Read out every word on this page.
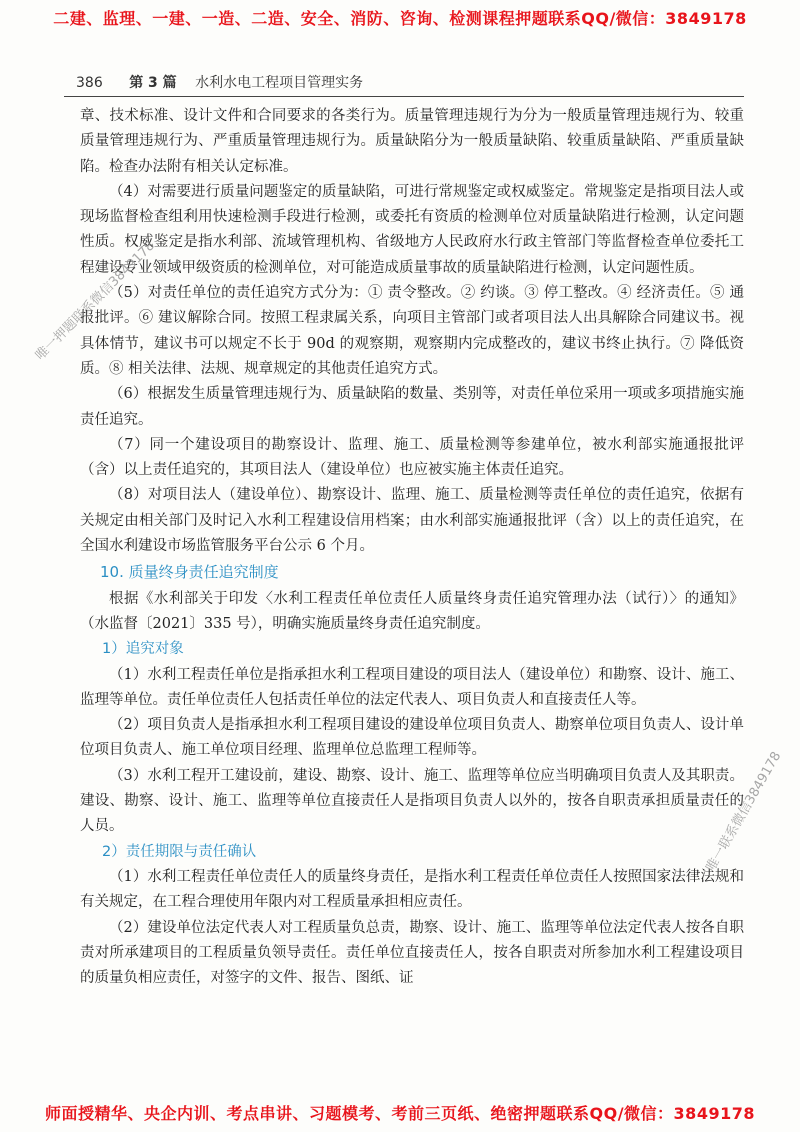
二建、监理、一建、一造、二造、安全、消防、咨询、检测课程押题联系QQ/微信：3849178
386 第 3 篇 水利水电工程项目管理实务

章、技术标准、设计文件和合同要求的各类行为。质量管理违规行为分为一般质量管理违规行为、较重质量管理违规行为、严重质量管理违规行为。质量缺陷分为一般质量缺陷、较重质量缺陷、严重质量缺陷。检查办法附有相关认定标准。

（4）对需要进行质量问题鉴定的质量缺陷，可进行常规鉴定或权威鉴定。常规鉴定是指项目法人或现场监督检查组利用快速检测手段进行检测，或委托有资质的检测单位对质量缺陷进行检测，认定问题性质。权威鉴定是指水利部、流域管理机构、省级地方人民政府水行政主管部门等监督检查单位委托工程建设专业领域甲级资质的检测单位，对可能造成质量事故的质量缺陷进行检测，认定问题性质。

（5）对责任单位的责任追究方式分为：① 责令整改。② 约谈。③ 停工整改。④ 经济责任。⑤ 通报批评。⑥ 建议解除合同。按照工程隶属关系，向项目主管部门或者项目法人出具解除合同建议书。视具体情节，建议书可以规定不长于 90d 的观察期，观察期内完成整改的，建议书终止执行。⑦ 降低资质。⑧ 相关法律、法规、规章规定的其他责任追究方式。

（6）根据发生质量管理违规行为、质量缺陷的数量、类别等，对责任单位采用一项或多项措施实施责任追究。

（7）同一个建设项目的勘察设计、监理、施工、质量检测等参建单位，被水利部实施通报批评（含）以上责任追究的，其项目法人（建设单位）也应被实施主体责任追究。

（8）对项目法人（建设单位）、勘察设计、监理、施工、质量检测等责任单位的责任追究，依据有关规定由相关部门及时记入水利工程建设信用档案；由水利部实施通报批评（含）以上的责任追究，在全国水利建设市场监管服务平台公示 6 个月。

10. 质量终身责任追究制度

根据《水利部关于印发〈水利工程责任单位责任人质量终身责任追究管理办法（试行）〉的通知》（水监督〔2021〕335 号），明确实施质量终身责任追究制度。

1）追究对象

（1）水利工程责任单位是指承担水利工程项目建设的项目法人（建设单位）和勘察、设计、施工、监理等单位。责任单位责任人包括责任单位的法定代表人、项目负责人和直接责任人等。

（2）项目负责人是指承担水利工程项目建设的建设单位项目负责人、勘察单位项目负责人、设计单位项目负责人、施工单位项目经理、监理单位总监理工程师等。

（3）水利工程开工建设前，建设、勘察、设计、施工、监理等单位应当明确项目负责人及其职责。建设、勘察、设计、施工、监理等单位直接责任人是指项目负责人以外的，按各自职责承担质量责任的人员。

2）责任期限与责任确认

（1）水利工程责任单位责任人的质量终身责任，是指水利工程责任单位责任人按照国家法律法规和有关规定，在工程合理使用年限内对工程质量承担相应责任。

（2）建设单位法定代表人对工程质量负总责，勘察、设计、施工、监理等单位法定代表人按各自职责对所承建项目的工程质量负领导责任。责任单位直接责任人，按各自职责对所参加水利工程建设项目的质量负相应责任，对签字的文件、报告、图纸、证

唯一押题联系微信3849178
唯一联系微信3849178
师面授精华、央企内训、考点串讲、习题模考、考前三页纸、绝密押题联系QQ/微信：3849178
